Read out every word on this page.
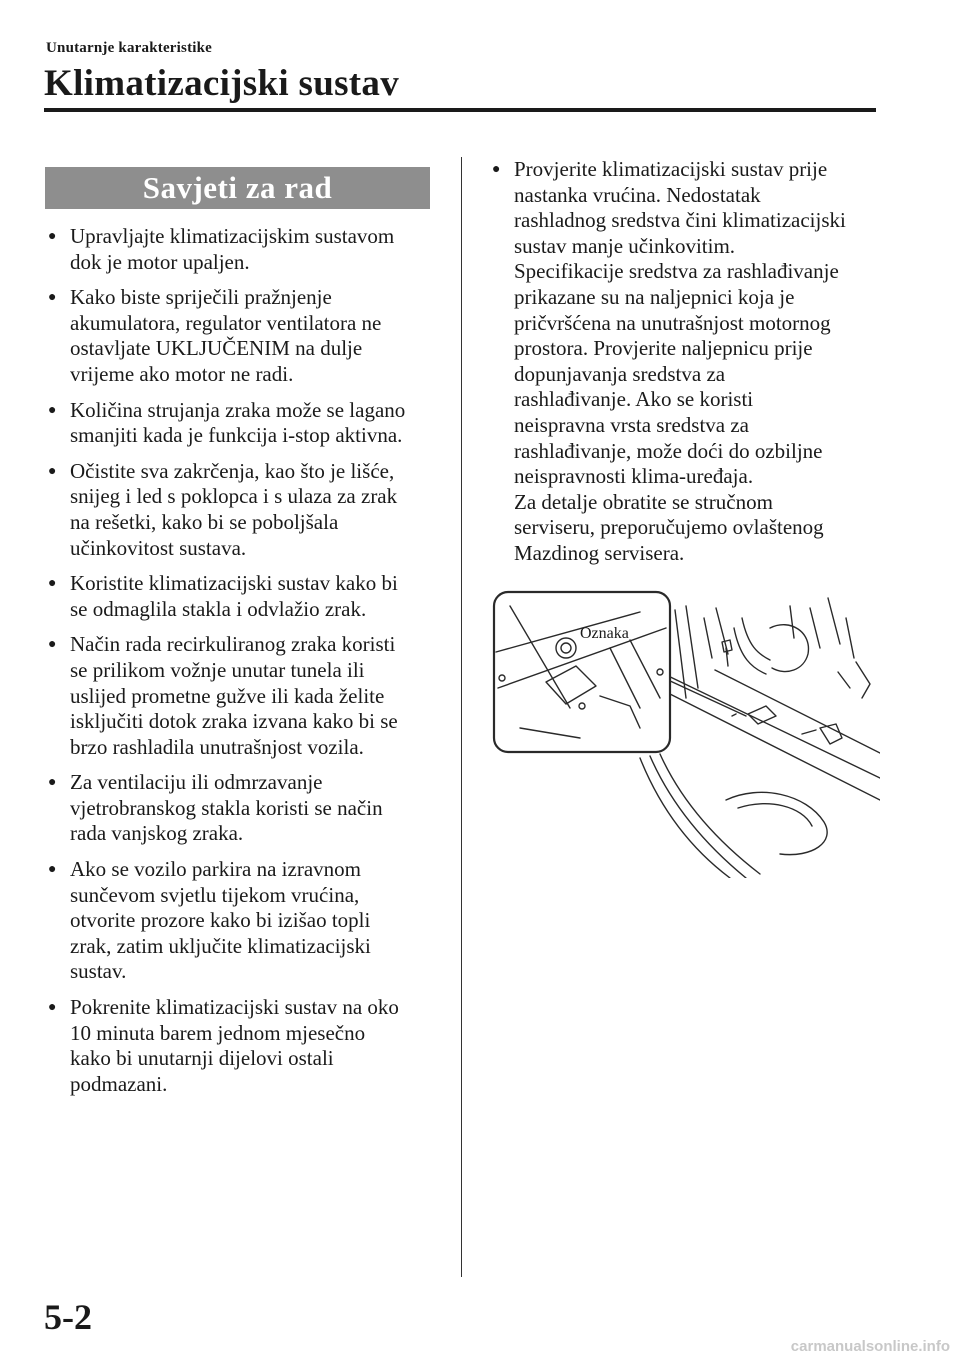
Unutarnje karakteristike
Klimatizacijski sustav
Savjeti za rad
● Upravljajte klimatizacijskim sustavom
dok je motor upaljen.
● Kako biste spriječili pražnjenje
akumulatora, regulator ventilatora ne
ostavljate UKLJUČENIM na dulje
vrijeme ako motor ne radi.
● Količina strujanja zraka može se lagano
smanjiti kada je funkcija i-stop aktivna.
● Očistite sva zakrčenja, kao što je lišće,
snijeg i led s poklopca i s ulaza za zrak
na rešetki, kako bi se poboljšala
učinkovitost sustava.
● Koristite klimatizacijski sustav kako bi
se odmaglila stakla i odvlažio zrak.
● Način rada recirkuliranog zraka koristi
se prilikom vožnje unutar tunela ili
uslijed prometne gužve ili kada želite
isključiti dotok zraka izvana kako bi se
brzo rashladila unutrašnjost vozila.
● Za ventilaciju ili odmrzavanje
vjetrobranskog stakla koristi se način
rada vanjskog zraka.
● Ako se vozilo parkira na izravnom
sunčevom svjetlu tijekom vrućina,
otvorite prozore kako bi izišao topli
zrak, zatim uključite klimatizacijski
sustav.
● Pokrenite klimatizacijski sustav na oko
10 minuta barem jednom mjesečno
kako bi unutarnji dijelovi ostali
podmazani.
● Provjerite klimatizacijski sustav prije
nastanka vrućina. Nedostatak
rashladnog sredstva čini klimatizacijski
sustav manje učinkovitim.
Specifikacije sredstva za rashlađivanje
prikazane su na naljepnici koja je
pričvršćena na unutrašnjost motornog
prostora. Provjerite naljepnicu prije
dopunjavanja sredstva za
rashlađivanje. Ako se koristi
neispravna vrsta sredstva za
rashlađivanje, može doći do ozbiljne
neispravnosti klima-uređaja.
Za detalje obratite se stručnom
serviseru, preporučujemo ovlaštenog
Mazdinog servisera.
Oznaka
5-2
carmanualsonline.info
